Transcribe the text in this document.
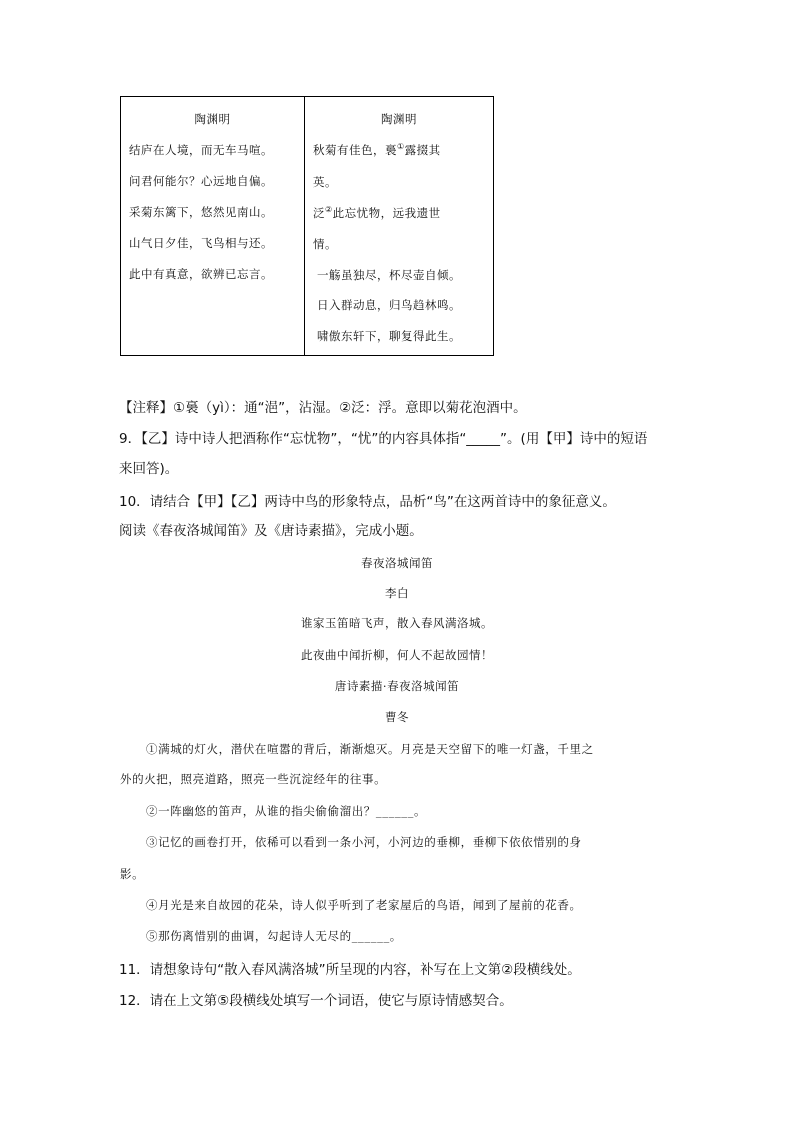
陶渊明
结庐在人境，而无车马喧。
问君何能尔？心远地自偏。
采菊东篱下，悠然见南山。
山气日夕佳，飞鸟相与还。
此中有真意，欲辨已忘言。
陶渊明
秋菊有佳色，裛①露掇其
英。
泛②此忘忧物，远我遗世
情。
一觞虽独尽，杯尽壶自倾。
日入群动息，归鸟趋林鸣。
啸傲东轩下，聊复得此生。
【注释】①裛（yì）：通“浥”，沾湿。②泛：浮。意即以菊花泡酒中。
9．【乙】诗中诗人把酒称作“忘忧物”，“忧”的内容具体指“_____”。(用【甲】诗中的短语
来回答)。
10．请结合【甲】【乙】两诗中鸟的形象特点，品析“鸟”在这两首诗中的象征意义。
阅读《春夜洛城闻笛》及《唐诗素描》，完成小题。
春夜洛城闻笛
李白
谁家玉笛暗飞声，散入春风满洛城。
此夜曲中闻折柳，何人不起故园情！
唐诗素描·春夜洛城闻笛
曹冬
①满城的灯火，潜伏在喧嚣的背后，渐渐熄灭。月亮是天空留下的唯一灯盏，千里之
外的火把，照亮道路，照亮一些沉淀经年的往事。
②一阵幽悠的笛声，从谁的指尖偷偷溜出？______。
③记忆的画卷打开，依稀可以看到一条小河，小河边的垂柳，垂柳下依依惜别的身
影。
④月光是来自故园的花朵，诗人似乎听到了老家屋后的鸟语，闻到了屋前的花香。
⑤那伤离惜别的曲调，勾起诗人无尽的______。
11．请想象诗句“散入春风满洛城”所呈现的内容，补写在上文第②段横线处。
12．请在上文第⑤段横线处填写一个词语，使它与原诗情感契合。
